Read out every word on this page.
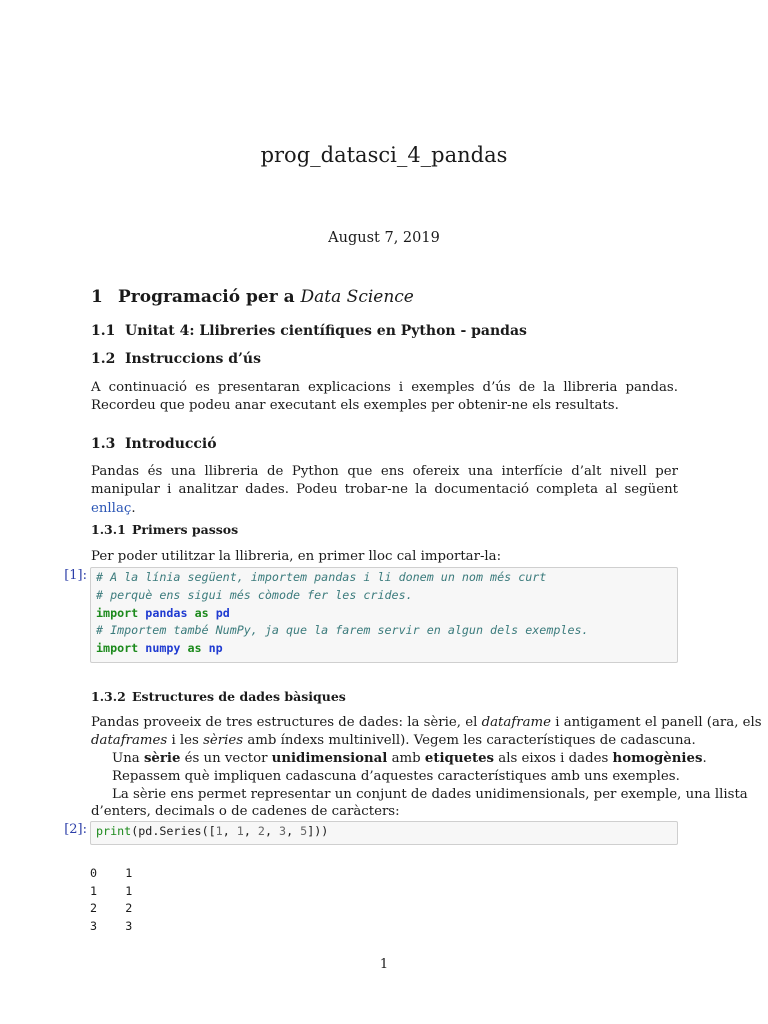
prog_datasci_4_pandas
August 7, 2019
1 Programació per a Data Science
1.1 Unitat 4: Llibreries científiques en Python - pandas
1.2 Instruccions d’ús
A continuació es presentaran explicacions i exemples d’ús de la llibreria pandas. Recordeu que podeu anar executant els exemples per obtenir-ne els resultats.
1.3 Introducció
Pandas és una llibreria de Python que ens ofereix una interfície d’alt nivell per manipular i analitzar dades. Podeu trobar-ne la documentació completa al següent enllaç.
1.3.1 Primers passos
Per poder utilitzar la llibreria, en primer lloc cal importar-la:
[1]: # A la línia següent, importem pandas i li donem un nom més curt
# perquè ens sigui més còmode fer les crides.
import pandas as pd
# Importem també NumPy, ja que la farem servir en algun dels exemples.
import numpy as np
1.3.2 Estructures de dades bàsiques
Pandas proveeix de tres estructures de dades: la sèrie, el dataframe i antigament el panell (ara, els
dataframes i les sèries amb índexs multinivell). Vegem les característiques de cadascuna.
Una sèrie és un vector unidimensional amb etiquetes als eixos i dades homogènies.
Repassem què impliquen cadascuna d’aquestes característiques amb uns exemples.
La sèrie ens permet representar un conjunt de dades unidimensionals, per exemple, una llista
d’enters, decimals o de cadenes de caràcters:
[2]: print(pd.Series([1, 1, 2, 3, 5]))
0 1
1 1
2 2
3 3
1
